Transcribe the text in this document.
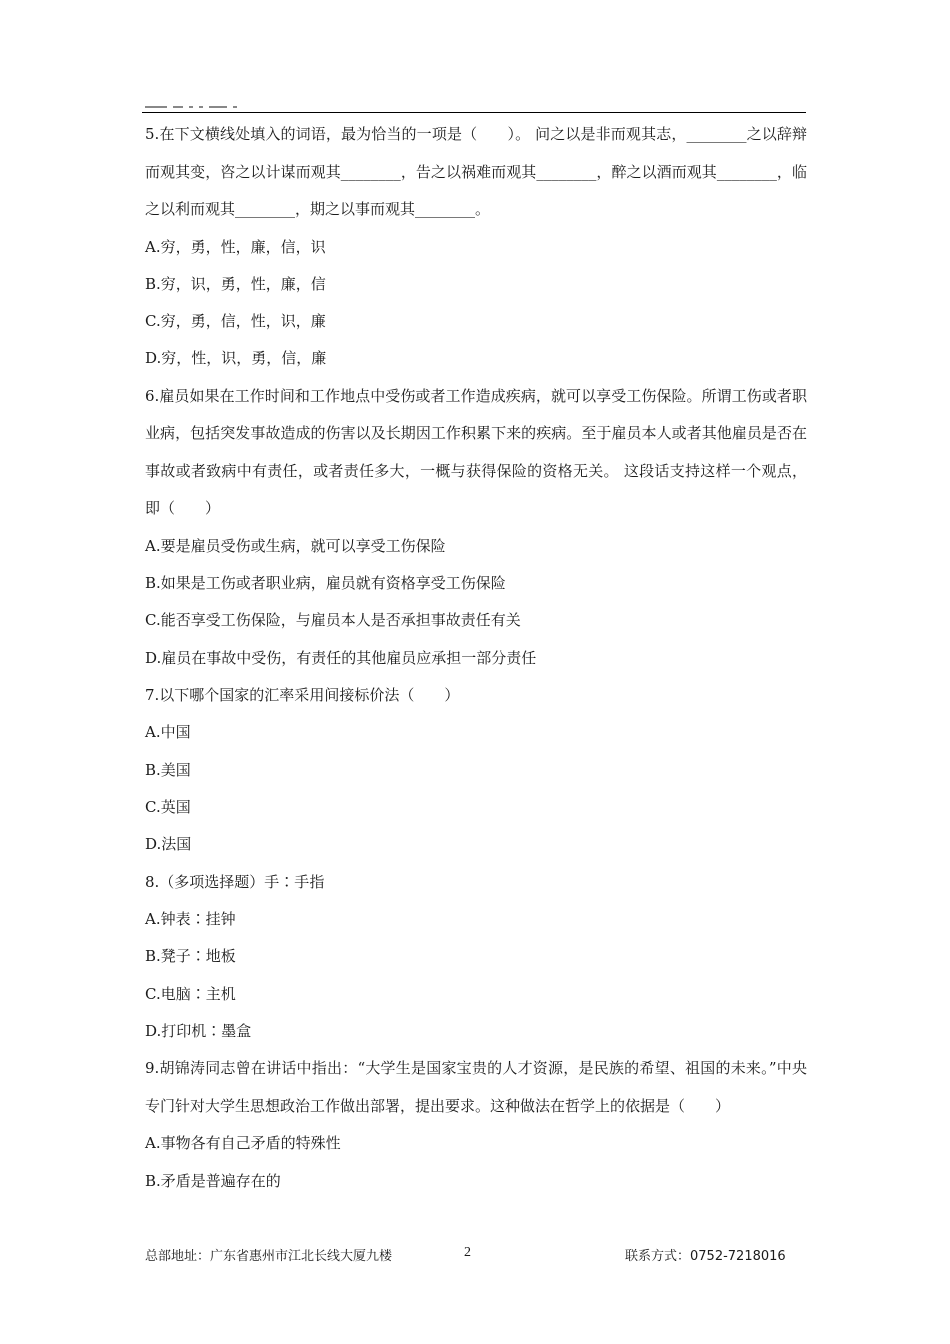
5.在下文横线处填入的词语，最为恰当的一项是（　　）。 问之以是非而观其志，________之以辞辩而观其变，咨之以计谋而观其________，告之以祸难而观其________，醉之以酒而观其________，临之以利而观其________，期之以事而观其________。

A.穷，勇，性，廉，信，识

B.穷，识，勇，性，廉，信

C.穷，勇，信，性，识，廉

D.穷，性，识，勇，信，廉

6.雇员如果在工作时间和工作地点中受伤或者工作造成疾病，就可以享受工伤保险。所谓工伤或者职业病，包括突发事故造成的伤害以及长期因工作积累下来的疾病。至于雇员本人或者其他雇员是否在事故或者致病中有责任，或者责任多大，一概与获得保险的资格无关。 这段话支持这样一个观点，即（　　）

A.要是雇员受伤或生病，就可以享受工伤保险

B.如果是工伤或者职业病，雇员就有资格享受工伤保险

C.能否享受工伤保险，与雇员本人是否承担事故责任有关

D.雇员在事故中受伤，有责任的其他雇员应承担一部分责任

7.以下哪个国家的汇率采用间接标价法（　　）

A.中国

B.美国

C.英国

D.法国

8.（多项选择题）手∶手指

A.钟表∶挂钟

B.凳子∶地板

C.电脑∶主机

D.打印机∶墨盒

9.胡锦涛同志曾在讲话中指出：“大学生是国家宝贵的人才资源，是民族的希望、祖国的未来。”中央专门针对大学生思想政治工作做出部署，提出要求。这种做法在哲学上的依据是（　　）

A.事物各有自己矛盾的特殊性

B.矛盾是普遍存在的

总部地址：广东省惠州市江北长线大厦九楼	2	联系方式：0752-7218016
